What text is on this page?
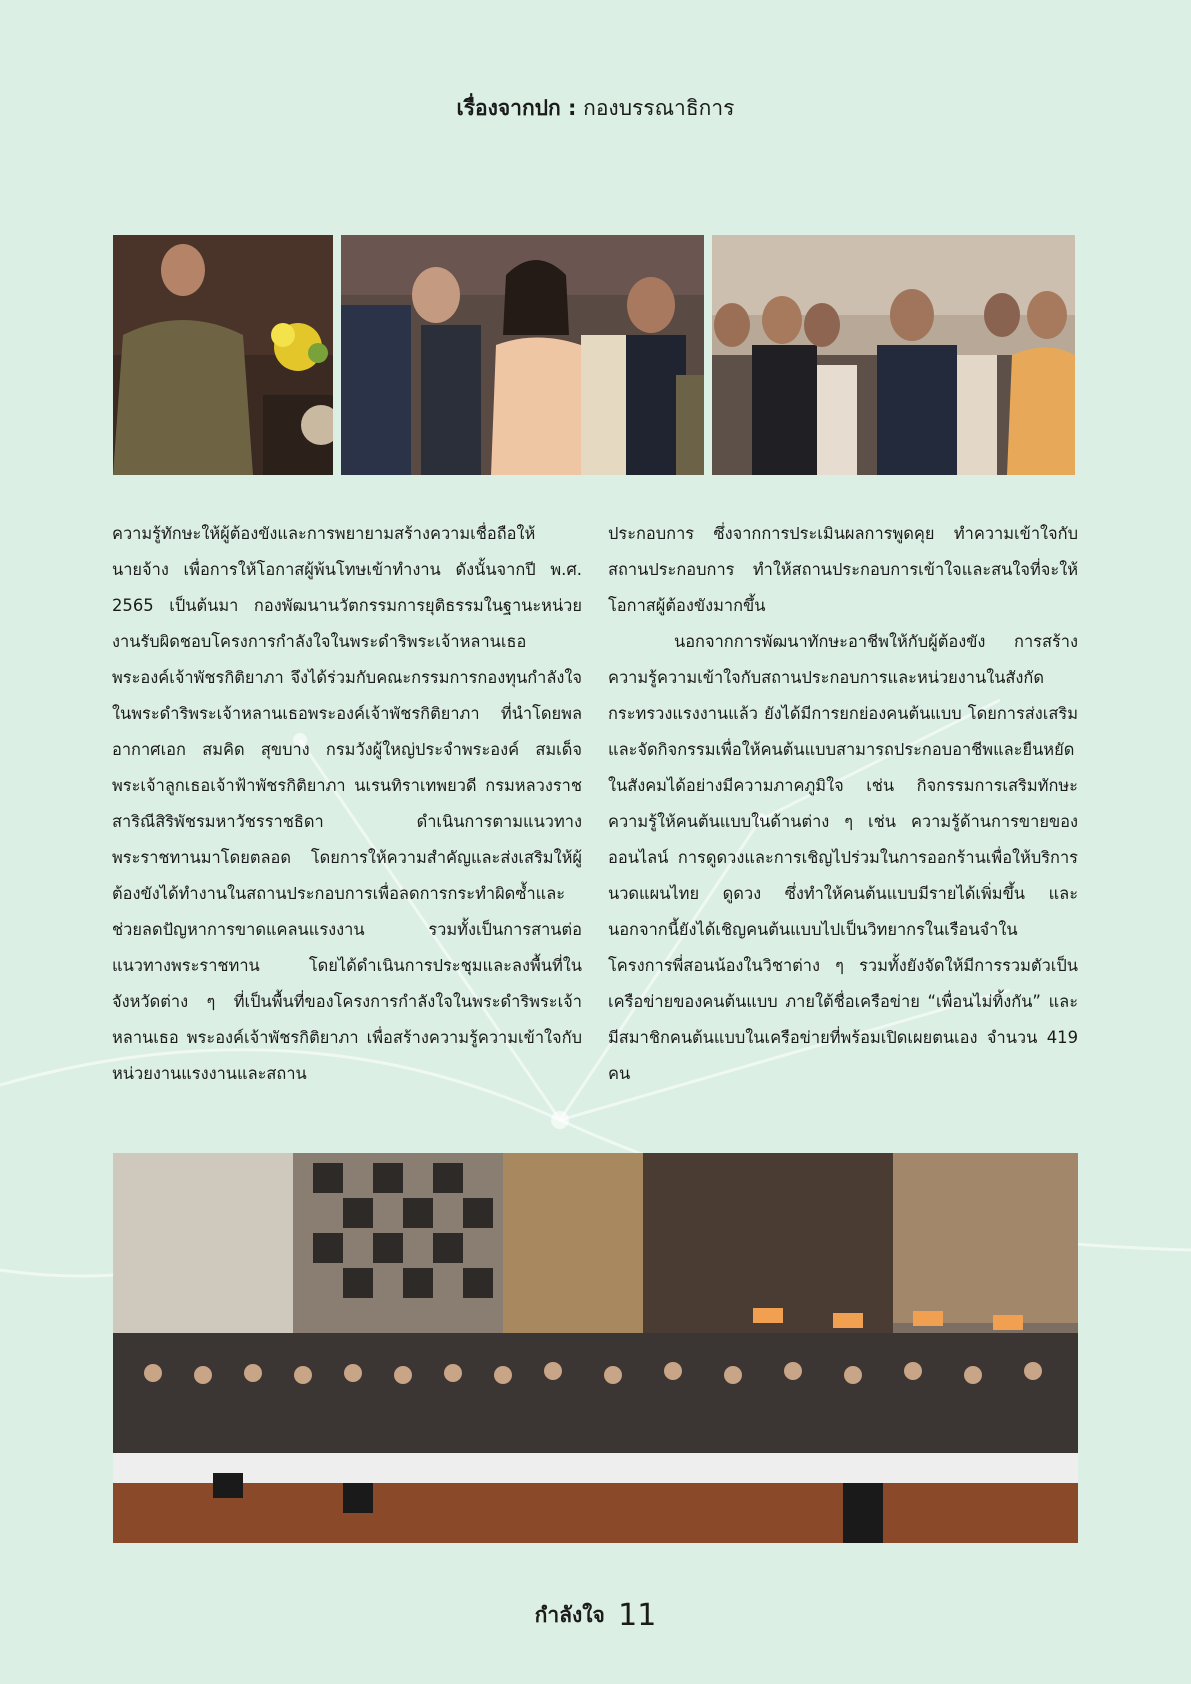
เรื่องจากปก : กองบรรณาธิการ

ความรู้ทักษะให้ผู้ต้องขังและการพยายามสร้างความเชื่อถือให้นายจ้าง เพื่อการให้โอกาสผู้พ้นโทษเข้าทำงาน ดังนั้นจากปี พ.ศ. 2565 เป็นต้นมา กองพัฒนานวัตกรรมการยุติธรรมในฐานะหน่วยงานรับผิดชอบโครงการกำลังใจในพระดำริพระเจ้าหลานเธอ พระองค์เจ้าพัชรกิติยาภา จึงได้ร่วมกับคณะกรรมการกองทุนกำลังใจในพระดำริพระเจ้าหลานเธอพระองค์เจ้าพัชรกิติยาภา ที่นำโดยพลอากาศเอก สมคิด สุขบาง กรมวังผู้ใหญ่ประจำพระองค์ สมเด็จพระเจ้าลูกเธอเจ้าฟ้าพัชรกิติยาภา นเรนทิราเทพยวดี กรมหลวงราชสาริณีสิริพัชรมหาวัชรราชธิดา ดำเนินการตามแนวทางพระราชทานมาโดยตลอด โดยการให้ความสำคัญและส่งเสริมให้ผู้ต้องขังได้ทำงานในสถานประกอบการเพื่อลดการกระทำผิดซ้ำและช่วยลดปัญหาการขาดแคลนแรงงาน รวมทั้งเป็นการสานต่อแนวทางพระราชทาน โดยได้ดำเนินการประชุมและลงพื้นที่ในจังหวัดต่าง ๆ ที่เป็นพื้นที่ของโครงการกำลังใจในพระดำริพระเจ้าหลานเธอ พระองค์เจ้าพัชรกิติยาภา เพื่อสร้างความรู้ความเข้าใจกับหน่วยงานแรงงานและสถาน

ประกอบการ ซึ่งจากการประเมินผลการพูดคุย ทำความเข้าใจกับสถานประกอบการ ทำให้สถานประกอบการเข้าใจและสนใจที่จะให้โอกาสผู้ต้องขังมากขึ้น

นอกจากการพัฒนาทักษะอาชีพให้กับผู้ต้องขัง การสร้างความรู้ความเข้าใจกับสถานประกอบการและหน่วยงานในสังกัดกระทรวงแรงงานแล้ว ยังได้มีการยกย่องคนต้นแบบ โดยการส่งเสริมและจัดกิจกรรมเพื่อให้คนต้นแบบสามารถประกอบอาชีพและยืนหยัดในสังคมได้อย่างมีความภาคภูมิใจ เช่น กิจกรรมการเสริมทักษะความรู้ให้คนต้นแบบในด้านต่าง ๆ เช่น ความรู้ด้านการขายของออนไลน์ การดูดวงและการเชิญไปร่วมในการออกร้านเพื่อให้บริการนวดแผนไทย ดูดวง ซึ่งทำให้คนต้นแบบมีรายได้เพิ่มขึ้น และนอกจากนี้ยังได้เชิญคนต้นแบบไปเป็นวิทยากรในเรือนจำในโครงการพี่สอนน้องในวิชาต่าง ๆ รวมทั้งยังจัดให้มีการรวมตัวเป็นเครือข่ายของคนต้นแบบ ภายใต้ชื่อเครือข่าย “เพื่อนไม่ทิ้งกัน” และมีสมาชิกคนต้นแบบในเครือข่ายที่พร้อมเปิดเผยตนเอง จำนวน 419 คน

กำลังใจ 11
